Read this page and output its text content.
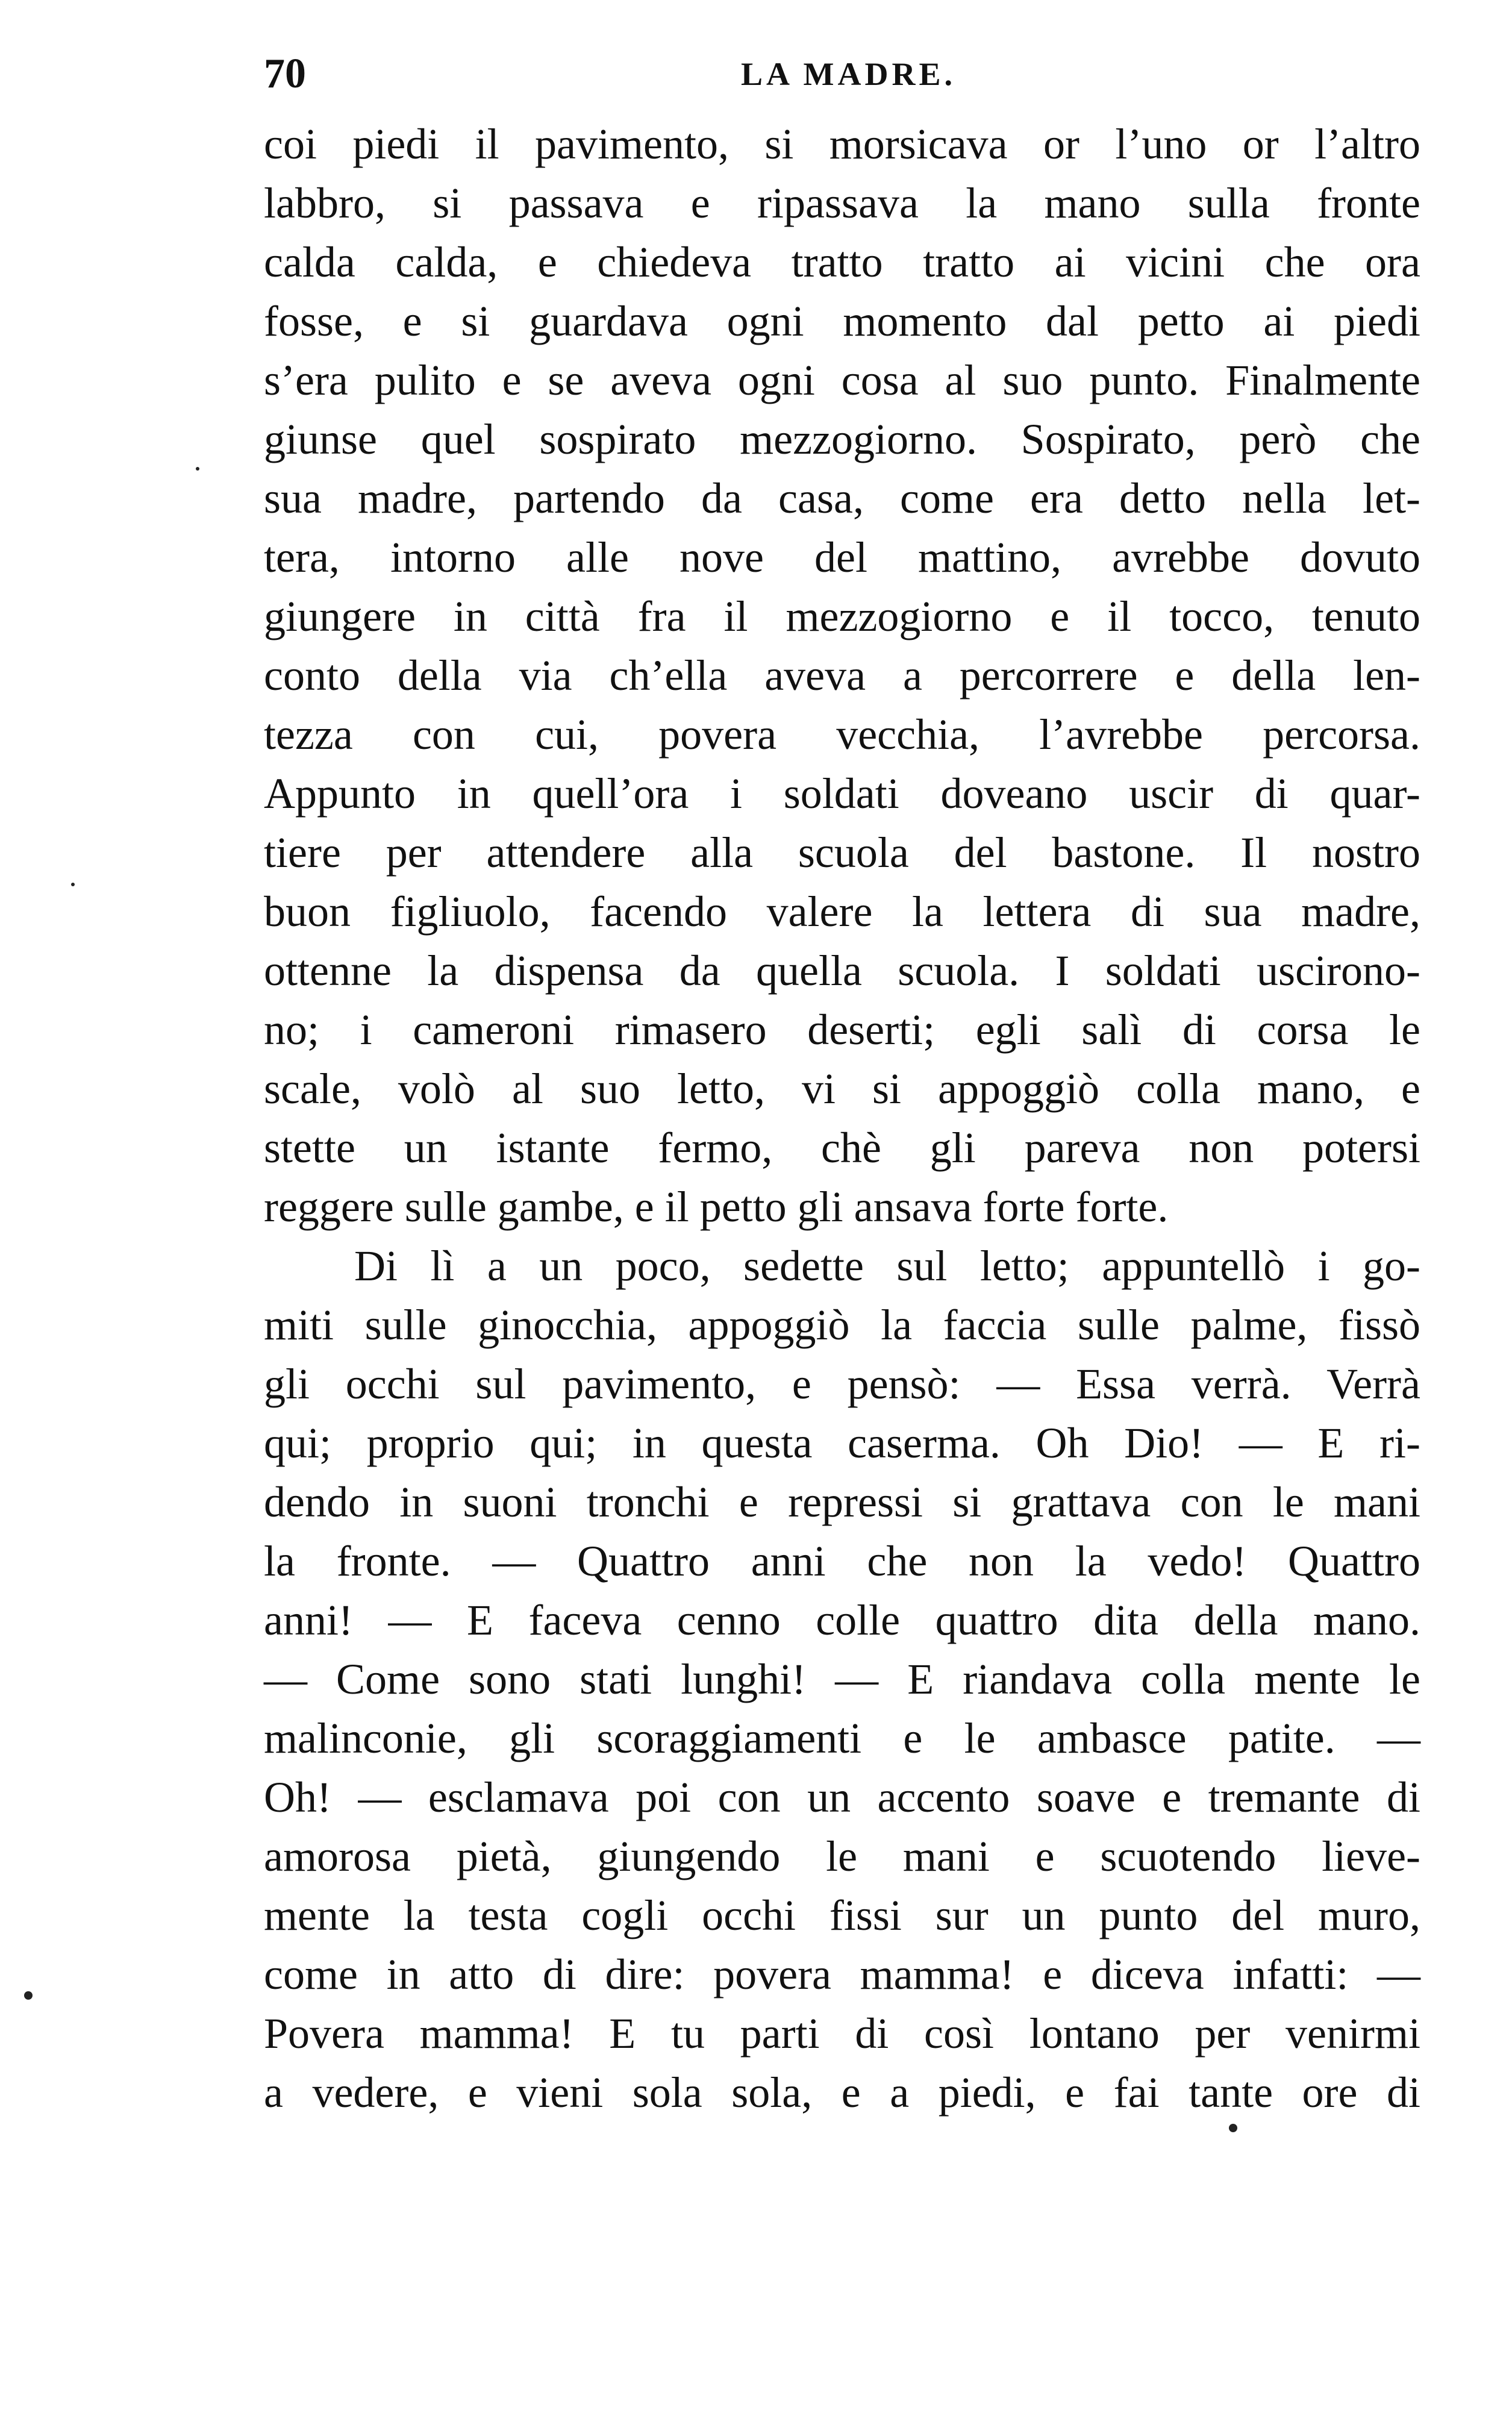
70	LA MADRE.
coi piedi il pavimento, si morsicava or l’uno or l’altro
labbro, si passava e ripassava la mano sulla fronte
calda calda, e chiedeva tratto tratto ai vicini che ora
fosse, e si guardava ogni momento dal petto ai piedi
s’era pulito e se aveva ogni cosa al suo punto. Finalmente
giunse quel sospirato mezzogiorno. Sospirato, però che
sua madre, partendo da casa, come era detto nella let-
tera, intorno alle nove del mattino, avrebbe dovuto
giungere in città fra il mezzogiorno e il tocco, tenuto
conto della via ch’ella aveva a percorrere e della len-
tezza con cui, povera vecchia, l’avrebbe percorsa.
Appunto in quell’ora i soldati doveano uscir di quar-
tiere per attendere alla scuola del bastone. Il nostro
buon figliuolo, facendo valere la lettera di sua madre,
ottenne la dispensa da quella scuola. I soldati uscirono-
no; i cameroni rimasero deserti; egli salì di corsa le
scale, volò al suo letto, vi si appoggiò colla mano, e
stette un istante fermo, chè gli pareva non potersi
reggere sulle gambe, e il petto gli ansava forte forte.
Di lì a un poco, sedette sul letto; appuntellò i go-
miti sulle ginocchia, appoggiò la faccia sulle palme, fissò
gli occhi sul pavimento, e pensò: — Essa verrà. Verrà
qui; proprio qui; in questa caserma. Oh Dio! — E ri-
dendo in suoni tronchi e repressi si grattava con le mani
la fronte. — Quattro anni che non la vedo! Quattro
anni! — E faceva cenno colle quattro dita della mano.
— Come sono stati lunghi! — E riandava colla mente le
malinconie, gli scoraggiamenti e le ambasce patite. —
Oh! — esclamava poi con un accento soave e tremante di
amorosa pietà, giungendo le mani e scuotendo lieve-
mente la testa cogli occhi fissi sur un punto del muro,
come in atto di dire: povera mamma! e diceva infatti: —
Povera mamma! E tu parti di così lontano per venirmi
a vedere, e vieni sola sola, e a piedi, e fai tante ore di
